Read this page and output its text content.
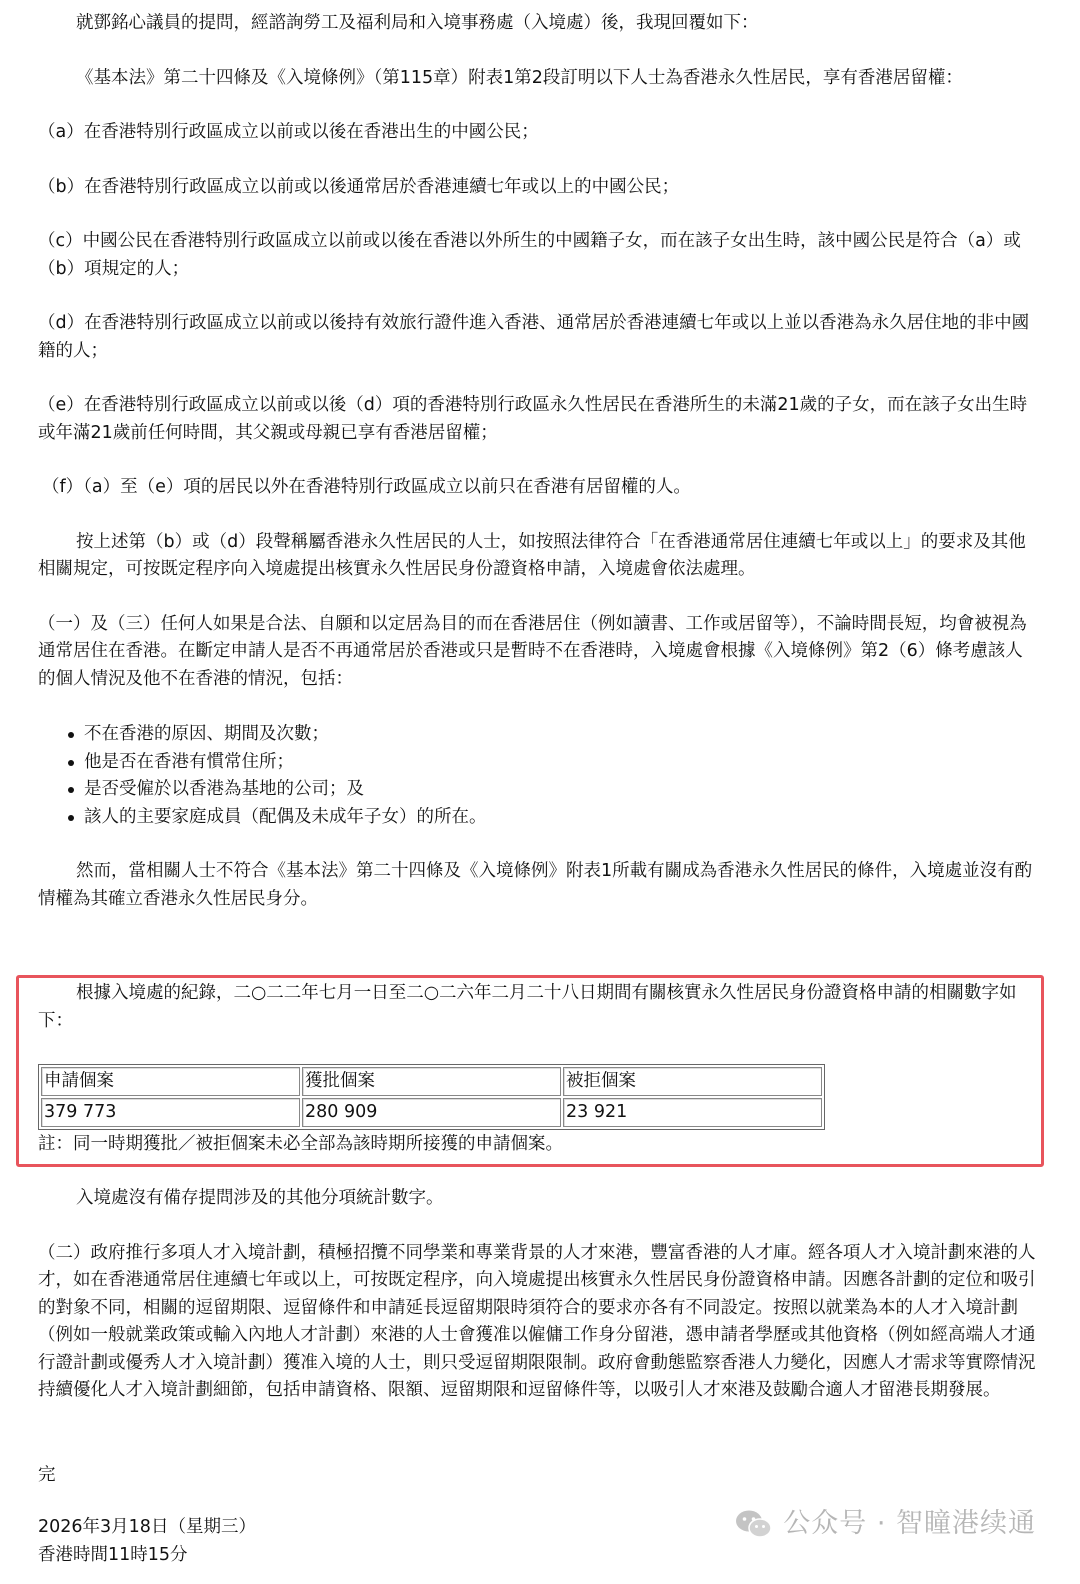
就鄧銘心議員的提問，經諮詢勞工及福利局和入境事務處（入境處）後，我現回覆如下：

《基本法》第二十四條及《入境條例》（第115章）附表1第2段訂明以下人士為香港永久性居民，享有香港居留權：

（a）在香港特別行政區成立以前或以後在香港出生的中國公民；

（b）在香港特別行政區成立以前或以後通常居於香港連續七年或以上的中國公民；

（c）中國公民在香港特別行政區成立以前或以後在香港以外所生的中國籍子女，而在該子女出生時，該中國公民是符合（a）或（b）項規定的人；

（d）在香港特別行政區成立以前或以後持有效旅行證件進入香港、通常居於香港連續七年或以上並以香港為永久居住地的非中國籍的人；

（e）在香港特別行政區成立以前或以後（d）項的香港特別行政區永久性居民在香港所生的未滿21歲的子女，而在該子女出生時或年滿21歲前任何時間，其父親或母親已享有香港居留權；

（f）（a）至（e）項的居民以外在香港特別行政區成立以前只在香港有居留權的人。

按上述第（b）或（d）段聲稱屬香港永久性居民的人士，如按照法律符合「在香港通常居住連續七年或以上」的要求及其他相關規定，可按既定程序向入境處提出核實永久性居民身份證資格申請，入境處會依法處理。

（一）及（三）任何人如果是合法、自願和以定居為目的而在香港居住（例如讀書、工作或居留等），不論時間長短，均會被視為通常居住在香港。在斷定申請人是否不再通常居於香港或只是暫時不在香港時，入境處會根據《入境條例》第2（6）條考慮該人的個人情況及他不在香港的情況，包括：

不在香港的原因、期間及次數；
他是否在香港有慣常住所；
是否受僱於以香港為基地的公司；及
該人的主要家庭成員（配偶及未成年子女）的所在。

然而，當相關人士不符合《基本法》第二十四條及《入境條例》附表1所載有關成為香港永久性居民的條件，入境處並沒有酌情權為其確立香港永久性居民身分。

根據入境處的紀錄，二○二二年七月一日至二○二六年二月二十八日期間有關核實永久性居民身份證資格申請的相關數字如下：

申請個案	獲批個案	被拒個案
379 773	280 909	23 921

註：同一時期獲批／被拒個案未必全部為該時期所接獲的申請個案。

入境處沒有備存提問涉及的其他分項統計數字。

（二）政府推行多項人才入境計劃，積極招攬不同學業和專業背景的人才來港，豐富香港的人才庫。經各項人才入境計劃來港的人才，如在香港通常居住連續七年或以上，可按既定程序，向入境處提出核實永久性居民身份證資格申請。因應各計劃的定位和吸引的對象不同，相關的逗留期限、逗留條件和申請延長逗留期限時須符合的要求亦各有不同設定。按照以就業為本的人才入境計劃（例如一般就業政策或輸入內地人才計劃）來港的人士會獲准以僱傭工作身分留港，憑申請者學歷或其他資格（例如經高端人才通行證計劃或優秀人才入境計劃）獲准入境的人士，則只受逗留期限限制。政府會動態監察香港人力變化，因應人才需求等實際情況持續優化人才入境計劃細節，包括申請資格、限額、逗留期限和逗留條件等，以吸引人才來港及鼓勵合適人才留港長期發展。

完

2026年3月18日（星期三）

香港時間11時15分

公众号 · 智瞳港续通
